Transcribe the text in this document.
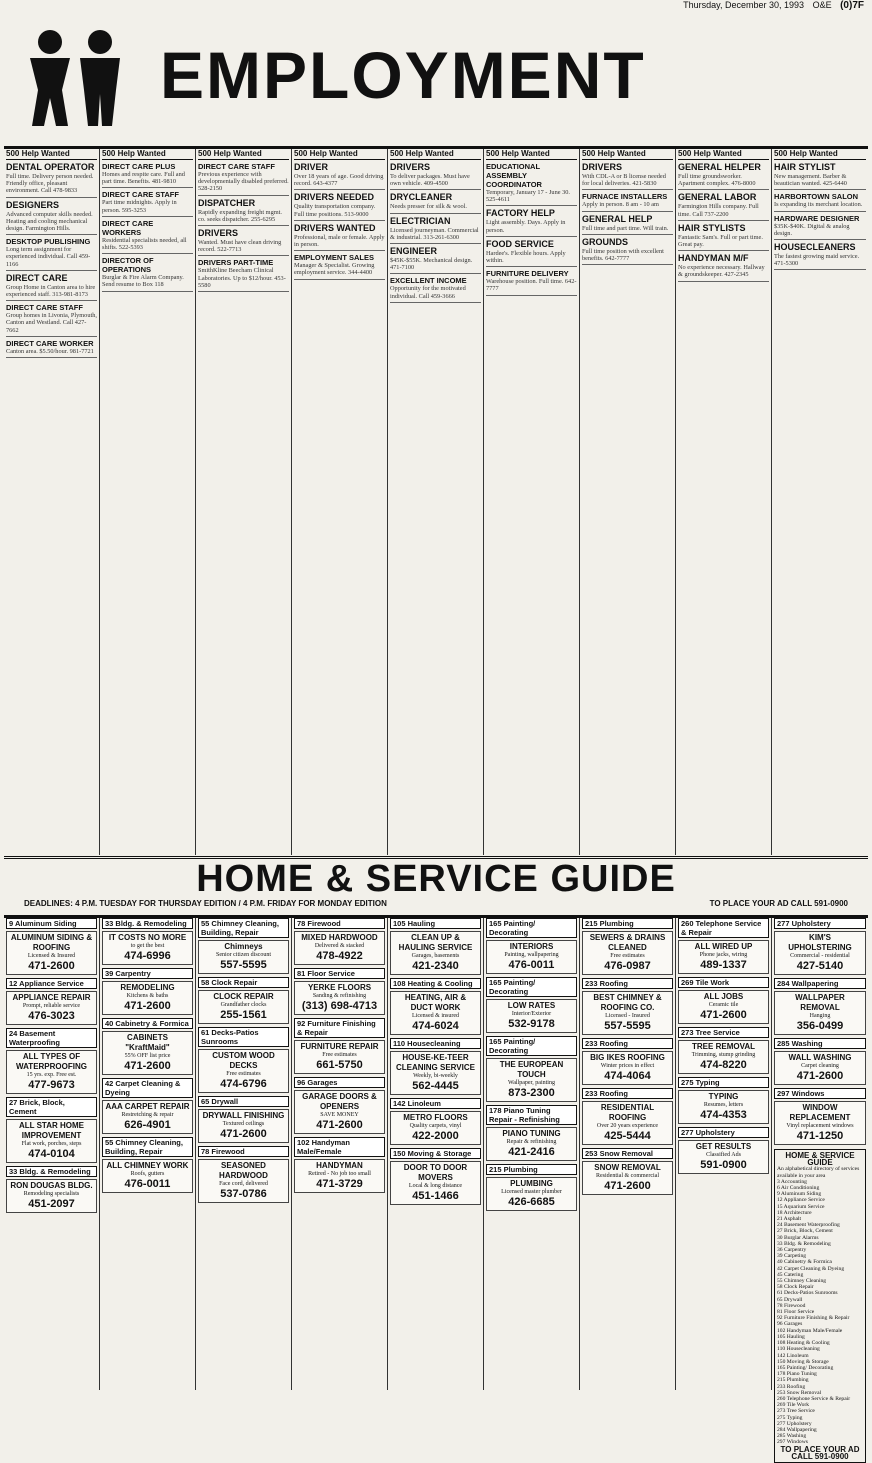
Thursday, December 30, 1993 O&E (0)7F
EMPLOYMENT
500 Help Wanted
DENTAL OPERATOR
Full time. Delivery person needed. Friendly office, pleasant environment. Call 478-9833
DESIGNERS
Advanced computer skills needed. Heating and cooling mechanical design. Farmington Hills.
DESKTOP PUBLISHING
Long term assignment for experienced individual. Call 459-1166
DIRECT CARE
Group Home in Canton area to hire experienced staff. 313-981-8173
DIRECT CARE STAFF
Group homes in Livonia, Plymouth, Canton and Westland. Call 427-7662
DIRECT CARE WORKER
Canton area. $5.50/hour. 981-7721
500 Help Wanted
DIRECT CARE PLUS
Homes and respite care. Full and part time. Benefits. 481-9810
DIRECT CARE STAFF
Part time midnights. Apply in person. 595-3253
DIRECT CARE WORKERS
Residential specialists needed, all shifts. 522-5393
DIRECTOR OF OPERATIONS
Burglar & Fire Alarm Company. Send resume to Box 118
500 Help Wanted
DIRECT CARE STAFF
Previous experience with developmentally disabled preferred. 528-2150
DISPATCHER
Rapidly expanding freight mgmt. co. seeks dispatcher. 255-6295
DRIVERS
Wanted. Must have clean driving record. 522-7713
DRIVERS PART-TIME
SmithKline Beecham Clinical Laboratories. Up to $12/hour. 453-5580
500 Help Wanted
DRIVER
Over 18 years of age. Good driving record. 643-4377
DRIVERS NEEDED
Quality transportation company. Full time positions. 513-9000
DRIVERS WANTED
Professional, male or female. Apply in person.
EMPLOYMENT SALES
Manager & Specialist. Growing employment service. 344-4400
500 Help Wanted
DRIVERS
To deliver packages. Must have own vehicle. 409-4500
DRYCLEANER
Needs presser for silk & wool.
ELECTRICIAN
Licensed journeyman. Commercial & industrial. 313-261-6300
ENGINEER
$45K-$55K. Mechanical design. 471-7100
EXCELLENT INCOME
Opportunity for the motivated individual. Call 459-3666
500 Help Wanted
EDUCATIONAL ASSEMBLY COORDINATOR
Temporary, January 17 - June 30. 525-4611
FACTORY HELP
Light assembly. Days. Apply in person.
FOOD SERVICE
Hardee's. Flexible hours. Apply within.
FURNITURE DELIVERY
Warehouse position. Full time. 642-7777
500 Help Wanted
DRIVERS
With CDL-A or B license needed for local deliveries. 421-5830
FURNACE INSTALLERS
Apply in person. 8 am - 10 am
GENERAL HELP
Full time and part time. Will train.
GROUNDS
Full time position with excellent benefits. 642-7777
500 Help Wanted
GENERAL HELPER
Full time groundsworker. Apartment complex. 476-8000
GENERAL LABOR
Farmington Hills company. Full time. Call 737-2200
HAIR STYLISTS
Fantastic Sam's. Full or part time. Great pay.
HANDYMAN M/F
No experience necessary. Hallway & groundskeeper. 427-2345
500 Help Wanted
HAIR STYLIST
New management. Barber & beautician wanted. 425-6440
HARBORTOWN SALON
Is expanding its merchant location.
HARDWARE DESIGNER
$35K-$40K. Digital & analog design.
HOUSECLEANERS
The fastest growing maid service. 471-5300
HOME & SERVICE GUIDE
DEADLINES: 4 P.M. TUESDAY FOR THURSDAY EDITION / 4 P.M. FRIDAY FOR MONDAY EDITION	TO PLACE YOUR AD CALL 591-0900
9 Aluminum Siding
ALUMINUM SIDING & ROOFING
Licensed & Insured
471-2600
12 Appliance Service
APPLIANCE REPAIR
Prompt, reliable service
476-3023
24 Basement Waterproofing
ALL TYPES OF WATERPROOFING
15 yrs. exp. Free est.
477-9673
27 Brick, Block, Cement
ALL STAR HOME IMPROVEMENT
Flat work, porches, steps
474-0104
33 Bldg. & Remodeling
RON DOUGAS BLDG.
Remodeling specialists
451-2097
33 Bldg. & Remodeling
IT COSTS NO MORE
to get the best
474-6996
39 Carpentry
REMODELING
Kitchens & baths
471-2600
40 Cabinetry & Formica
CABINETS "KraftMaid"
55% OFF list price
471-2600
42 Carpet Cleaning & Dyeing
AAA CARPET REPAIR
Restretching & repair
626-4901
55 Chimney Cleaning, Building, Repair
ALL CHIMNEY WORK
Roofs, gutters
476-0011
55 Chimney Cleaning, Building, Repair
Chimneys
Senior citizen discount
557-5595
58 Clock Repair
CLOCK REPAIR
Grandfather clocks
255-1561
61 Decks-Patios Sunrooms
CUSTOM WOOD DECKS
Free estimates
474-6796
65 Drywall
DRYWALL FINISHING
Textured ceilings
471-2600
78 Firewood
SEASONED HARDWOOD
Face cord, delivered
537-0786
78 Firewood
MIXED HARDWOOD
Delivered & stacked
478-4922
81 Floor Service
YERKE FLOORS
Sanding & refinishing
(313) 698-4713
92 Furniture Finishing & Repair
FURNITURE REPAIR
Free estimates
661-5750
96 Garages
GARAGE DOORS & OPENERS
SAVE MONEY
471-2600
102 Handyman Male/Female
HANDYMAN
Retired - No job too small
471-3729
105 Hauling
CLEAN UP & HAULING SERVICE
Garages, basements
421-2340
108 Heating & Cooling
HEATING, AIR & DUCT WORK
Licensed & insured
474-6024
110 Housecleaning
HOUSE-KE-TEER CLEANING SERVICE
Weekly, bi-weekly
562-4445
142 Linoleum
METRO FLOORS
Quality carpets, vinyl
422-2000
150 Moving & Storage
DOOR TO DOOR MOVERS
Local & long distance
451-1466
165 Painting/ Decorating
INTERIORS
Painting, wallpapering
476-0011
165 Painting/ Decorating
LOW RATES
Interior/Exterior
532-9178
165 Painting/ Decorating
THE EUROPEAN TOUCH
Wallpaper, painting
873-2300
178 Piano Tuning Repair - Refinishing
PIANO TUNING
Repair & refinishing
421-2416
215 Plumbing
PLUMBING
Licensed master plumber
426-6685
215 Plumbing
SEWERS & DRAINS CLEANED
Free estimates
476-0987
233 Roofing
BEST CHIMNEY & ROOFING CO.
Licensed - Insured
557-5595
233 Roofing
BIG IKES ROOFING
Winter prices in effect
474-4064
233 Roofing
RESIDENTIAL ROOFING
Over 20 years experience
425-5444
253 Snow Removal
SNOW REMOVAL
Residential & commercial
471-2600
260 Telephone Service & Repair
ALL WIRED UP
Phone jacks, wiring
489-1337
269 Tile Work
ALL JOBS
Ceramic tile
471-2600
273 Tree Service
TREE REMOVAL
Trimming, stump grinding
474-8220
275 Typing
TYPING
Resumes, letters
474-4353
277 Upholstery
GET RESULTS
Classified Ads
591-0900
277 Upholstery
KIM'S UPHOLSTERING
Commercial - residential
427-5140
284 Wallpapering
WALLPAPER REMOVAL
Hanging
356-0499
285 Washing
WALL WASHING
Carpet cleaning
471-2600
297 Windows
WINDOW REPLACEMENT
Vinyl replacement windows
471-1250
HOME & SERVICE GUIDE
An alphabetical directory of services available in your area
3 Accounting
6 Air Conditioning
9 Aluminum Siding
12 Appliance Service
15 Aquarium Service
18 Architecture
21 Asphalt
24 Basement Waterproofing
27 Brick, Block, Cement
30 Burglar Alarms
33 Bldg. & Remodeling
36 Carpentry
39 Carpeting
40 Cabinetry & Formica
42 Carpet Cleaning & Dyeing
45 Catering
55 Chimney Cleaning
58 Clock Repair
61 Decks-Patios Sunrooms
65 Drywall
78 Firewood
81 Floor Service
92 Furniture Finishing & Repair
96 Garages
102 Handyman Male/Female
105 Hauling
108 Heating & Cooling
110 Housecleaning
142 Linoleum
150 Moving & Storage
165 Painting/ Decorating
178 Piano Tuning
215 Plumbing
233 Roofing
253 Snow Removal
260 Telephone Service & Repair
269 Tile Work
273 Tree Service
275 Typing
277 Upholstery
284 Wallpapering
285 Washing
297 Windows
TO PLACE YOUR AD CALL 591-0900
